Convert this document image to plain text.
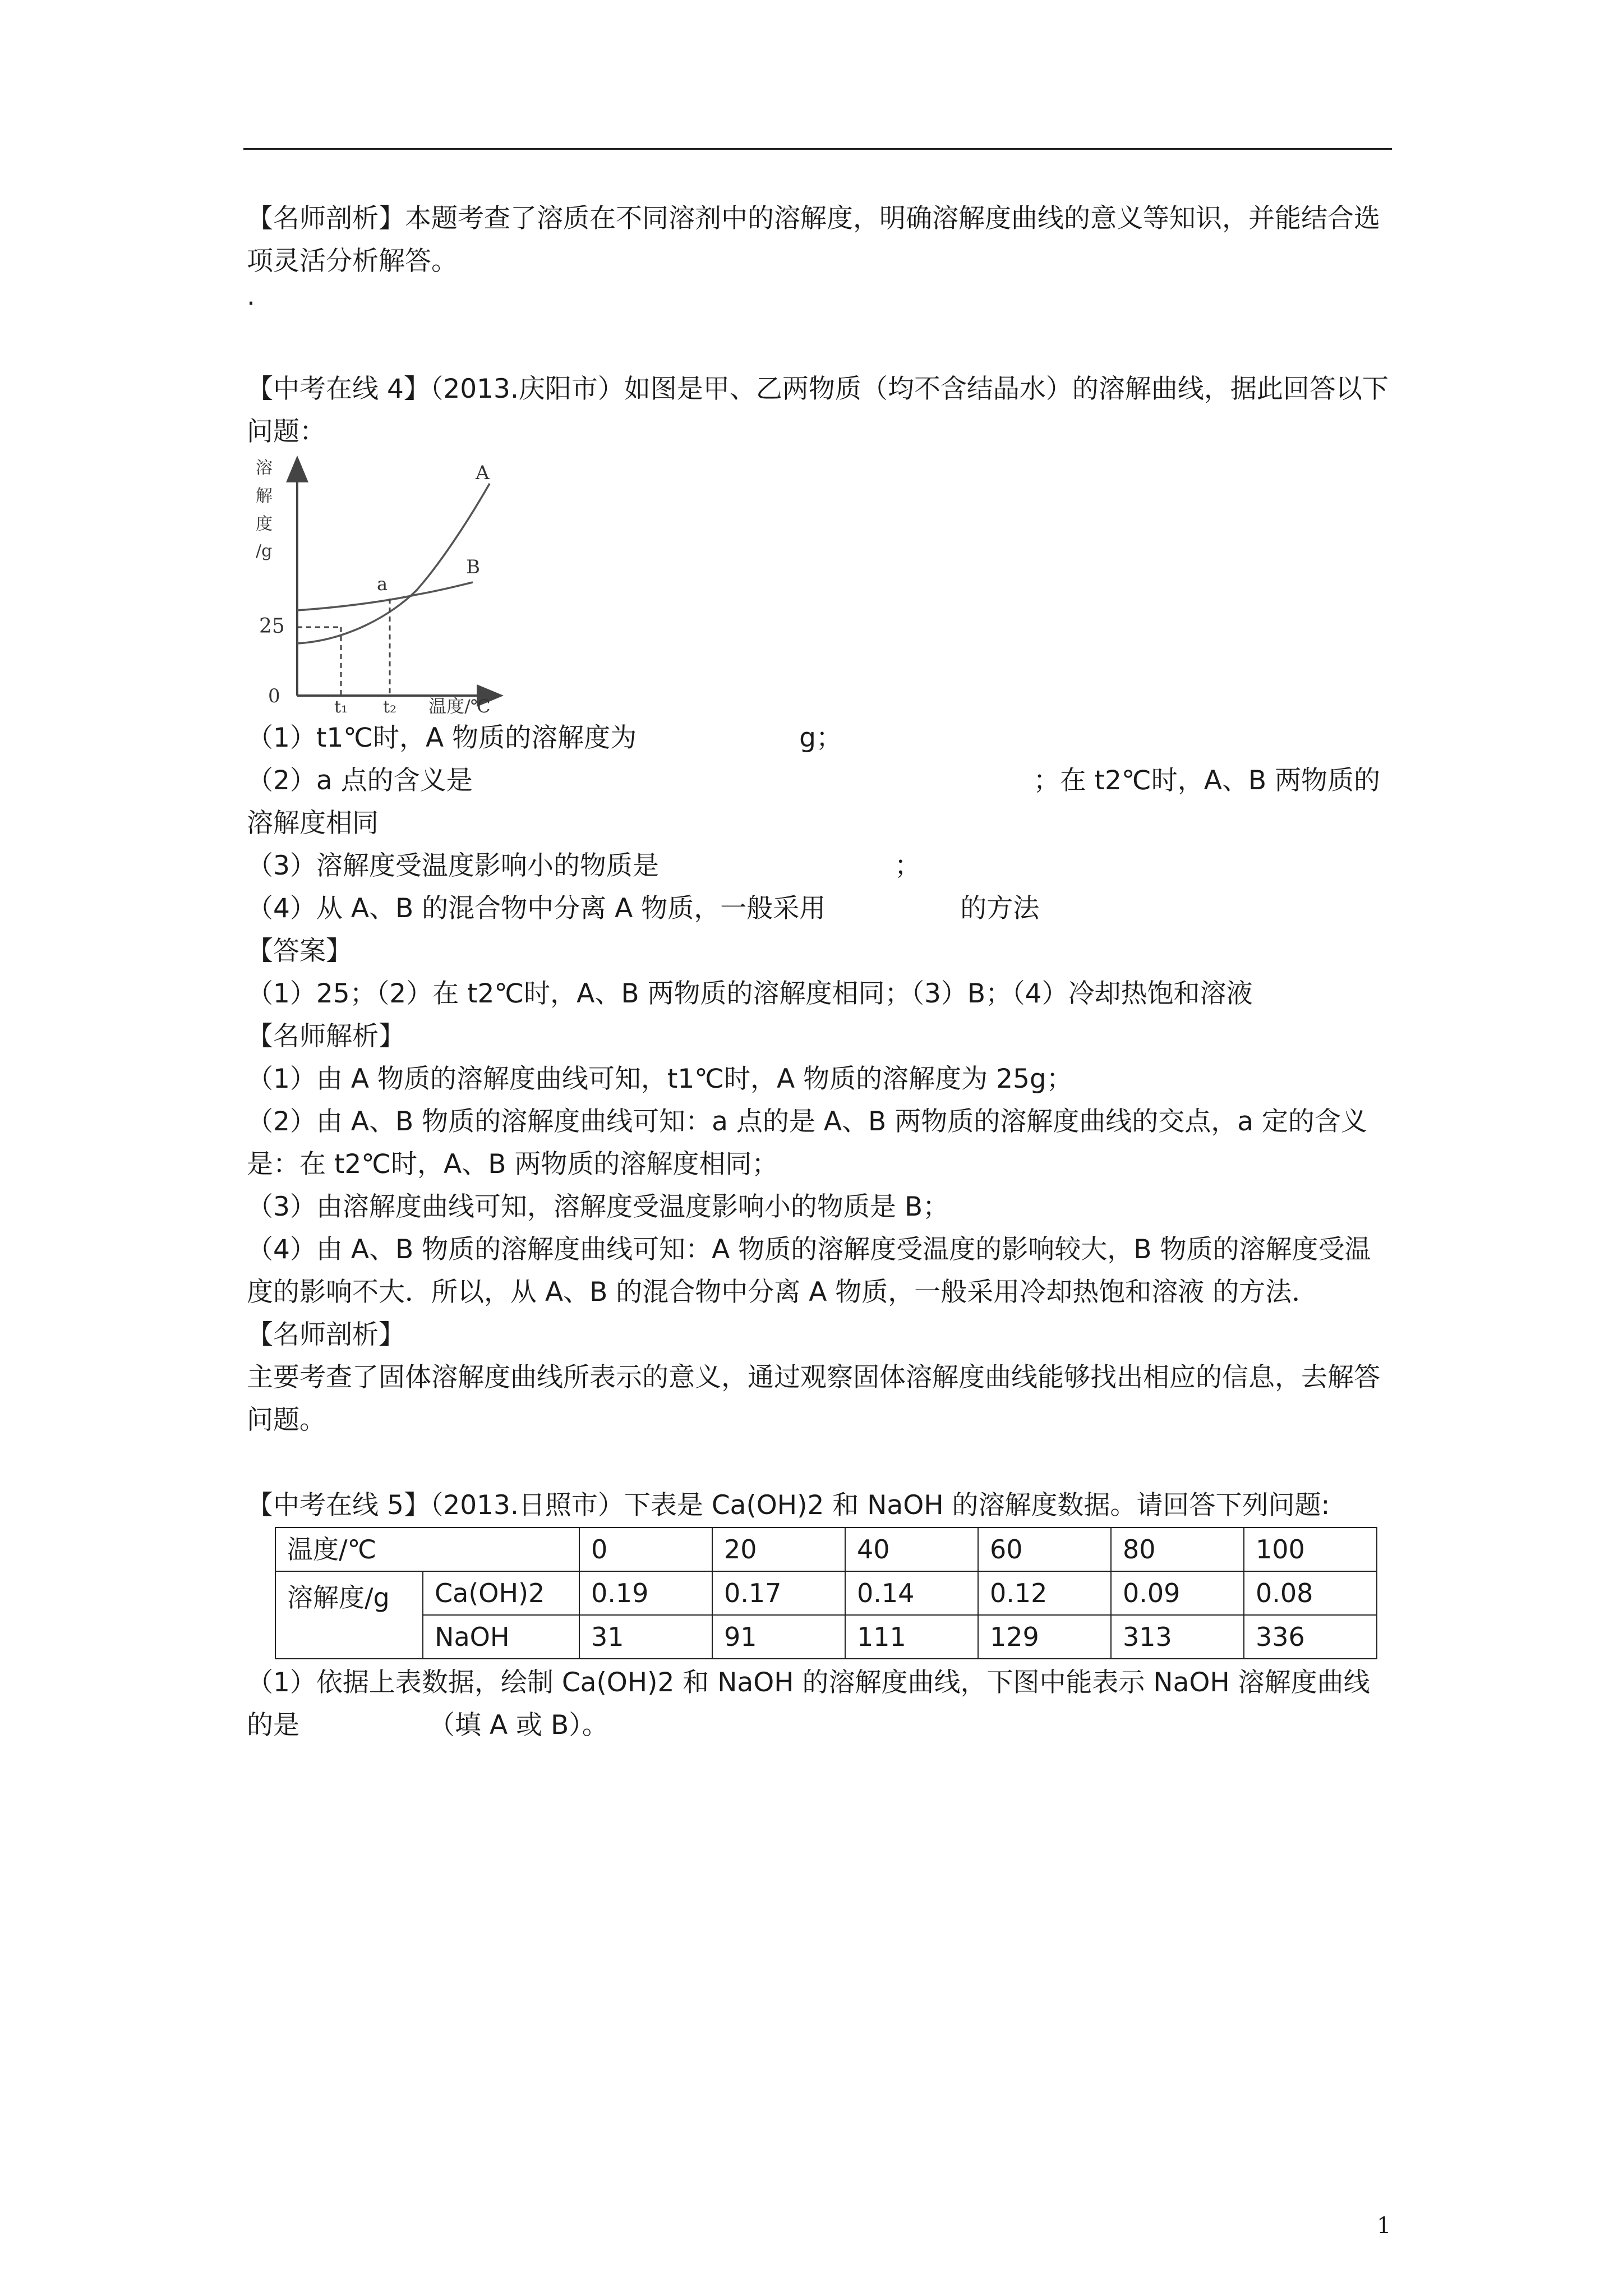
【名师剖析】本题考查了溶质在不同溶剂中的溶解度，明确溶解度曲线的意义等知识，并能结合选项灵活分析解答。

·

【中考在线 4】（2013.庆阳市）如图是甲、乙两物质（均不含结晶水）的溶解曲线，据此回答以下问题：

溶
解
度
/g
25
0	t₁ t₂ 温度/℃
A
B
a

（1）t1℃时，A 物质的溶解度为	g；

（2）a 点的含义是	；在 t2℃时，A、B 两物质的溶解度相同

（3）溶解度受温度影响小的物质是	；

（4）从 A、B 的混合物中分离 A 物质，一般采用	的方法

【答案】

（1）25；（2）在 t2℃时，A、B 两物质的溶解度相同；（3）B；（4）冷却热饱和溶液

【名师解析】

（1）由 A 物质的溶解度曲线可知，t1℃时，A 物质的溶解度为 25g；

（2）由 A、B 物质的溶解度曲线可知：a 点的是 A、B 两物质的溶解度曲线的交点，a 定的含义是：在 t2℃时，A、B 两物质的溶解度相同；

（3）由溶解度曲线可知，溶解度受温度影响小的物质是 B；

（4）由 A、B 物质的溶解度曲线可知：A 物质的溶解度受温度的影响较大，B 物质的溶解度受温度的影响不大．所以，从 A、B 的混合物中分离 A 物质，一般采用冷却热饱和溶液 的方法．

【名师剖析】

主要考查了固体溶解度曲线所表示的意义，通过观察固体溶解度曲线能够找出相应的信息，去解答问题。

【中考在线 5】（2013.日照市）下表是 Ca(OH)2 和 NaOH 的溶解度数据。请回答下列问题:

温度/℃		0	20	40	60	80	100
溶解度/g	Ca(OH)2	0.19	0.17	0.14	0.12	0.09	0.08
	NaOH	31	91	111	129	313	336

（1）依据上表数据，绘制 Ca(OH)2 和 NaOH 的溶解度曲线，下图中能表示 NaOH 溶解度曲线的是	（填 A 或 B）。

1
